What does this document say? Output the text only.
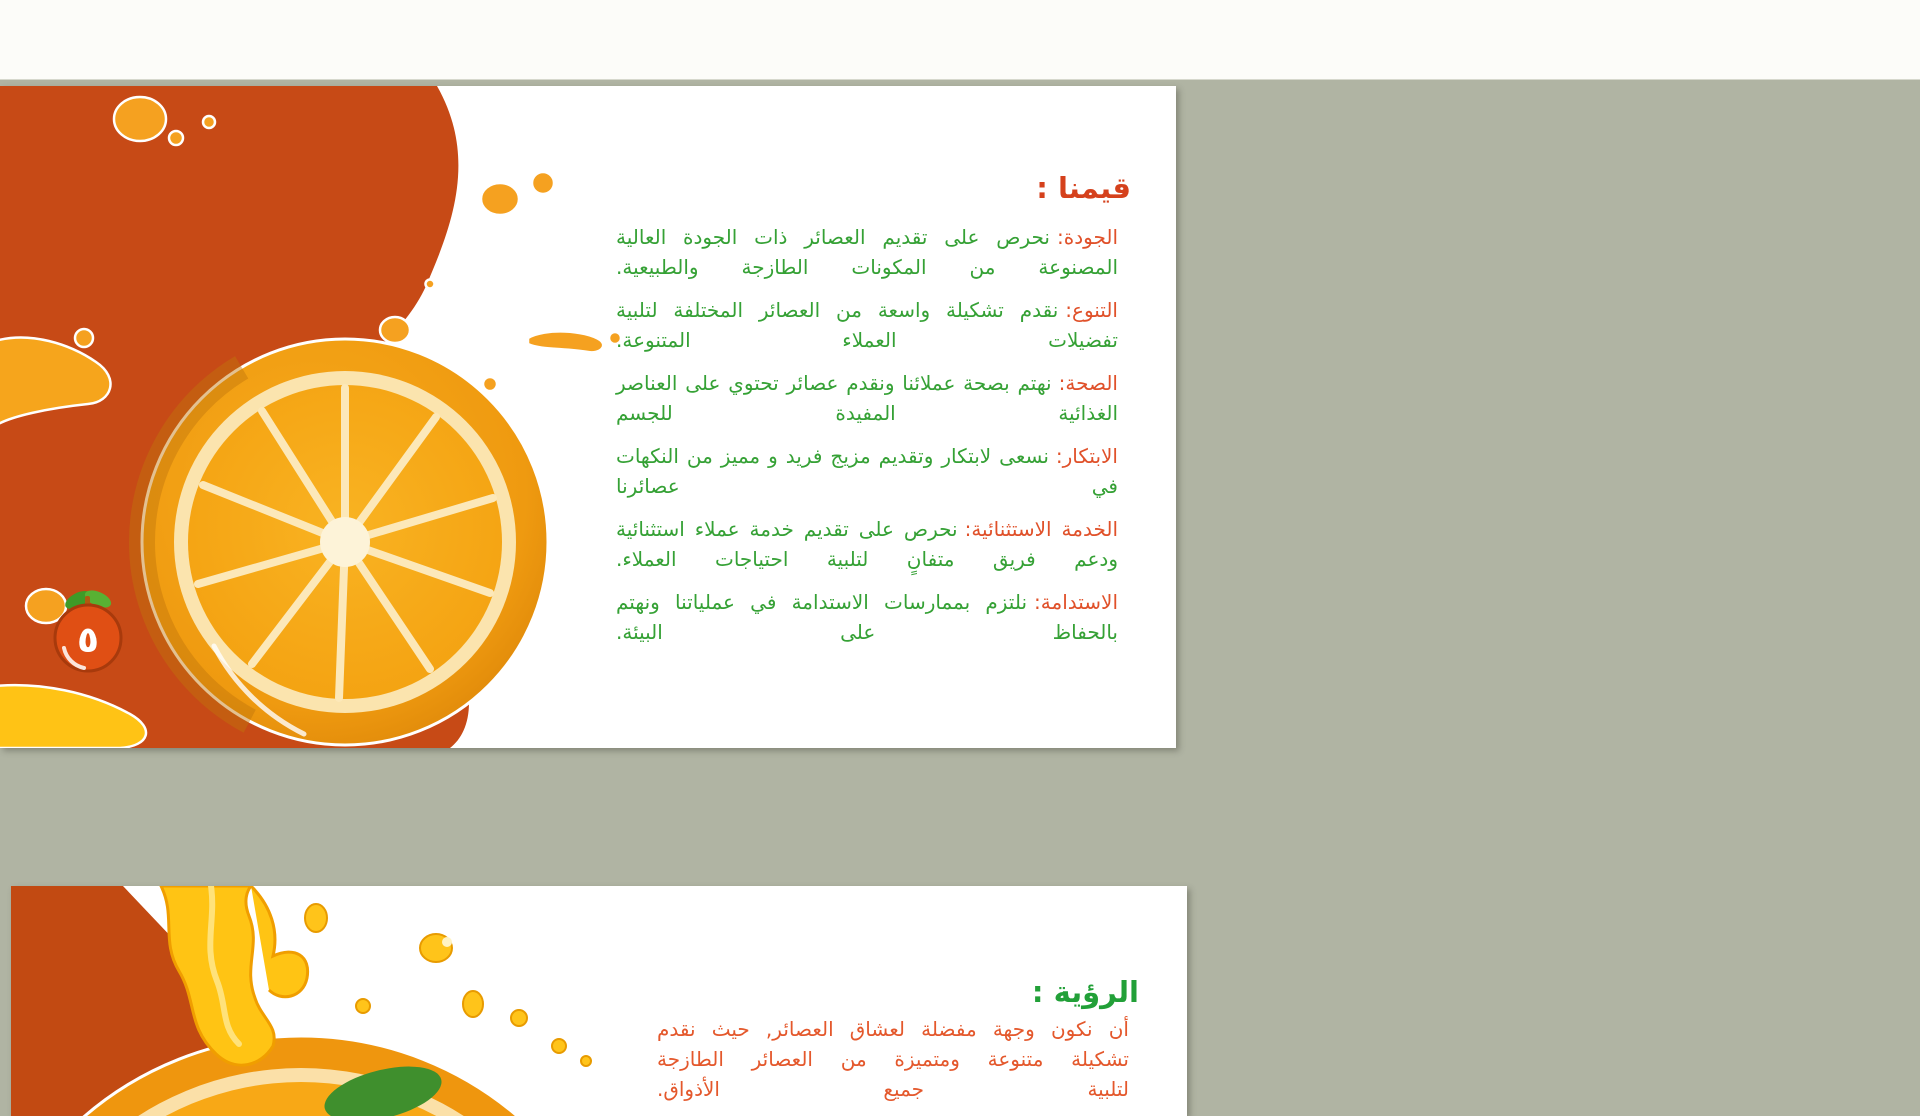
٥
قيمنا :

الجودة:نحرص على تقديم العصائر ذات الجودة العالية المصنوعة من المكونات الطازجة والطبيعية.

التنوع:نقدم تشكيلة واسعة من العصائر المختلفة لتلبية تفضيلات العملاء المتنوعة.

الصحة:نهتم بصحة عملائنا ونقدم عصائر تحتوي على العناصر الغذائية المفيدة للجسم

الابتكار:نسعى لابتكار وتقديم مزيج فريد و مميز من النكهات في عصائرنا

الخدمة الاستثنائية:نحرص على تقديم خدمة عملاء استثنائية ودعم فريق متفانٍ لتلبية احتياجات العملاء.

الاستدامة:نلتزم بممارسات الاستدامة في عملياتنا ونهتم بالحفاظ على البيئة.

الرؤية :

أن نكون وجهة مفضلة لعشاق العصائر, حيث نقدم

تشكيلة متنوعة ومتميزة من العصائر الطازجة

لتلبية جميع الأذواق.
